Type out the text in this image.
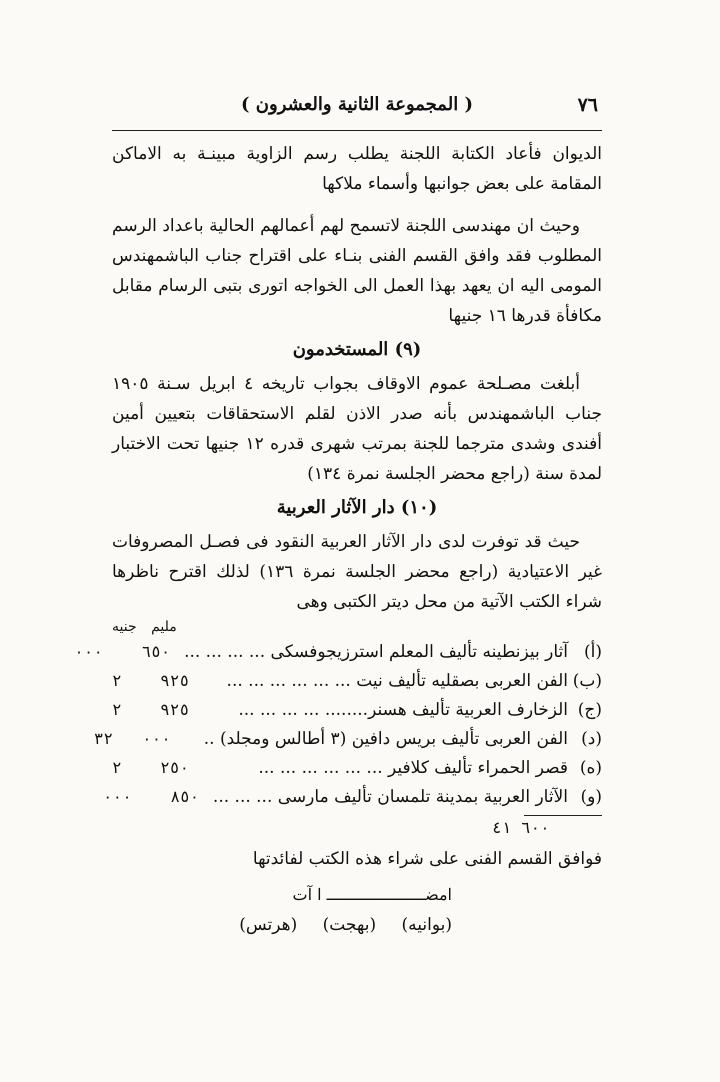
٧٦
( المجموعة الثانية والعشرون )

الديوان فأعاد الكتابة اللجنة يطلب رسم الزاوية مبينـة به الاماكن المقامة على بعض جوانبها وأسماء ملاكها

وحيث ان مهندسى اللجنة لاتسمح لهم أعمالهم الحالية باعداد الرسم المطلوب فقد وافق القسم الفنى بنـاء على اقتراح جناب الباشمهندس المومى اليه ان يعهد بهذا العمل الى الخواجه اتورى بتبى الرسام مقابل مكافأة قدرها ١٦ جنيها

(٩) المستخدمون

أبلغت مصـلحة عموم الاوقاف بجواب تاريخه ٤ ابريل سـنة ١٩٠٥ جناب الباشمهندس بأنه صدر الاذن لقلم الاستحقاقات بتعيين أمين أفندى وشدى مترجما للجنة بمرتب شهرى قدره ١٢ جنيها تحت الاختبار لمدة سنة (راجع محضر الجلسة نمرة ١٣٤)

(١٠) دار الآثار العربية

حيث قد توفرت لدى دار الآثار العربية النقود فى فصـل المصروفات غير الاعتيادية (راجع محضر الجلسة نمرة ١٣٦) لذلك اقترح ناظرها شراء الكتب الآتية من محل ديتر الكتبى وهى

مليم جنيه
(أ)
آثار بيزنطينه تأليف المعلم استرزيجوفسكى ... ... ... ...
٦٥٠    ٠٠٠
(ب)
الفن العربى بصقليه تأليف نيت ... ... ... ... ... ...
٩٢٥    ٢
(ج)
الزخارف العربية تأليف هسنر........ ... ... ... ...
٩٢٥    ٢
(د)
الفن العربى تأليف بريس دافين (٣ أطالس ومجلد) ..
٠٠٠   ٣٢
(ه)
قصر الحمراء تأليف كلافير ... ... ... ... ... ...
٢٥٠    ٢
(و)
الآثار العربية بمدينة تلمسان تأليف مارسى ... ... ...
٨٥٠    ٠٠٠
٦٠٠ ٤١
فوافق القسم الفنى على شراء هذه الكتب لفائدتها
امضـــــــــــــــــــــ ا آت
(بوانيه) (بهجت) (هرتس)
